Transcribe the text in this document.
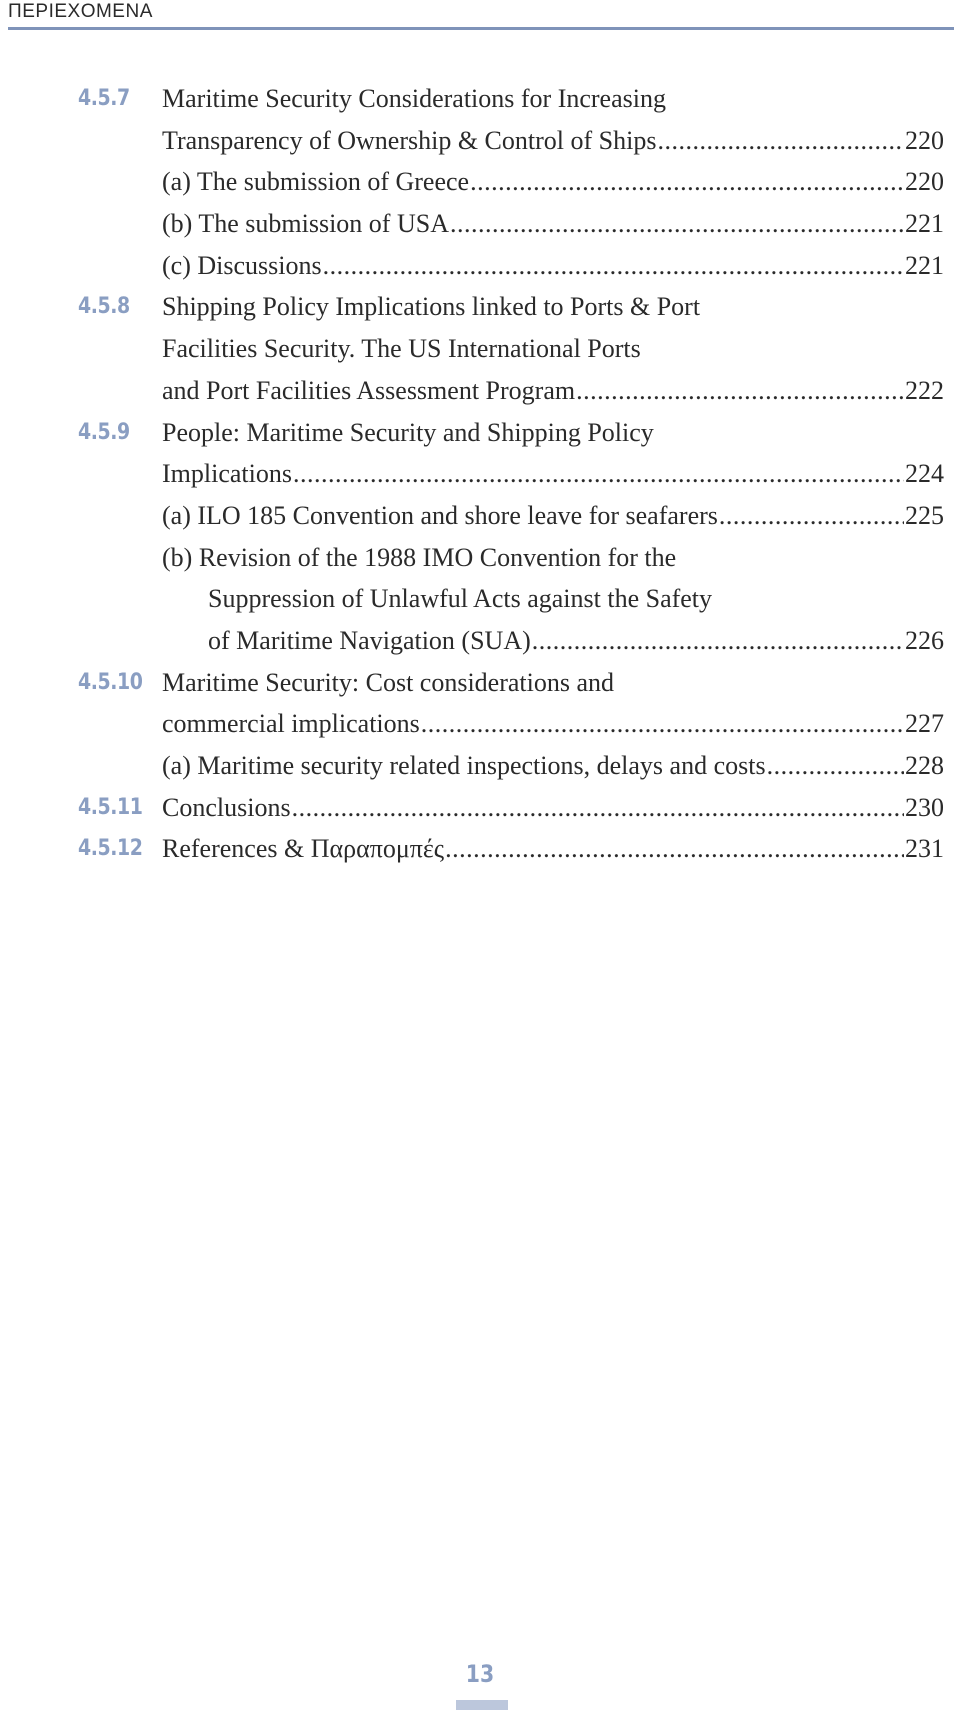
ΠΕΡΙΕΧΟΜΕΝΑ
4.5.7 Maritime Security Considerations for Increasing
Transparency of Ownership & Control of Ships .....	220
(a) The submission of Greece .....	220
(b) The submission of USA .....	221
(c) Discussions .....	221
4.5.8 Shipping Policy Implications linked to Ports & Port
Facilities Security. The US International Ports
and Port Facilities Assessment Program .....	222
4.5.9 People: Maritime Security and Shipping Policy
Implications .....	224
(a) ILO 185 Convention and shore leave for seafarers .....	225
(b) Revision of the 1988 IMO Convention for the
Suppression of Unlawful Acts against the Safety
of Maritime Navigation (SUA) .....	226
4.5.10 Maritime Security: Cost considerations and
commercial implications .....	227
(a) Maritime security related inspections, delays and costs .....	228
4.5.11 Conclusions .....	230
4.5.12 References & Παραπομπές .....	231
13
